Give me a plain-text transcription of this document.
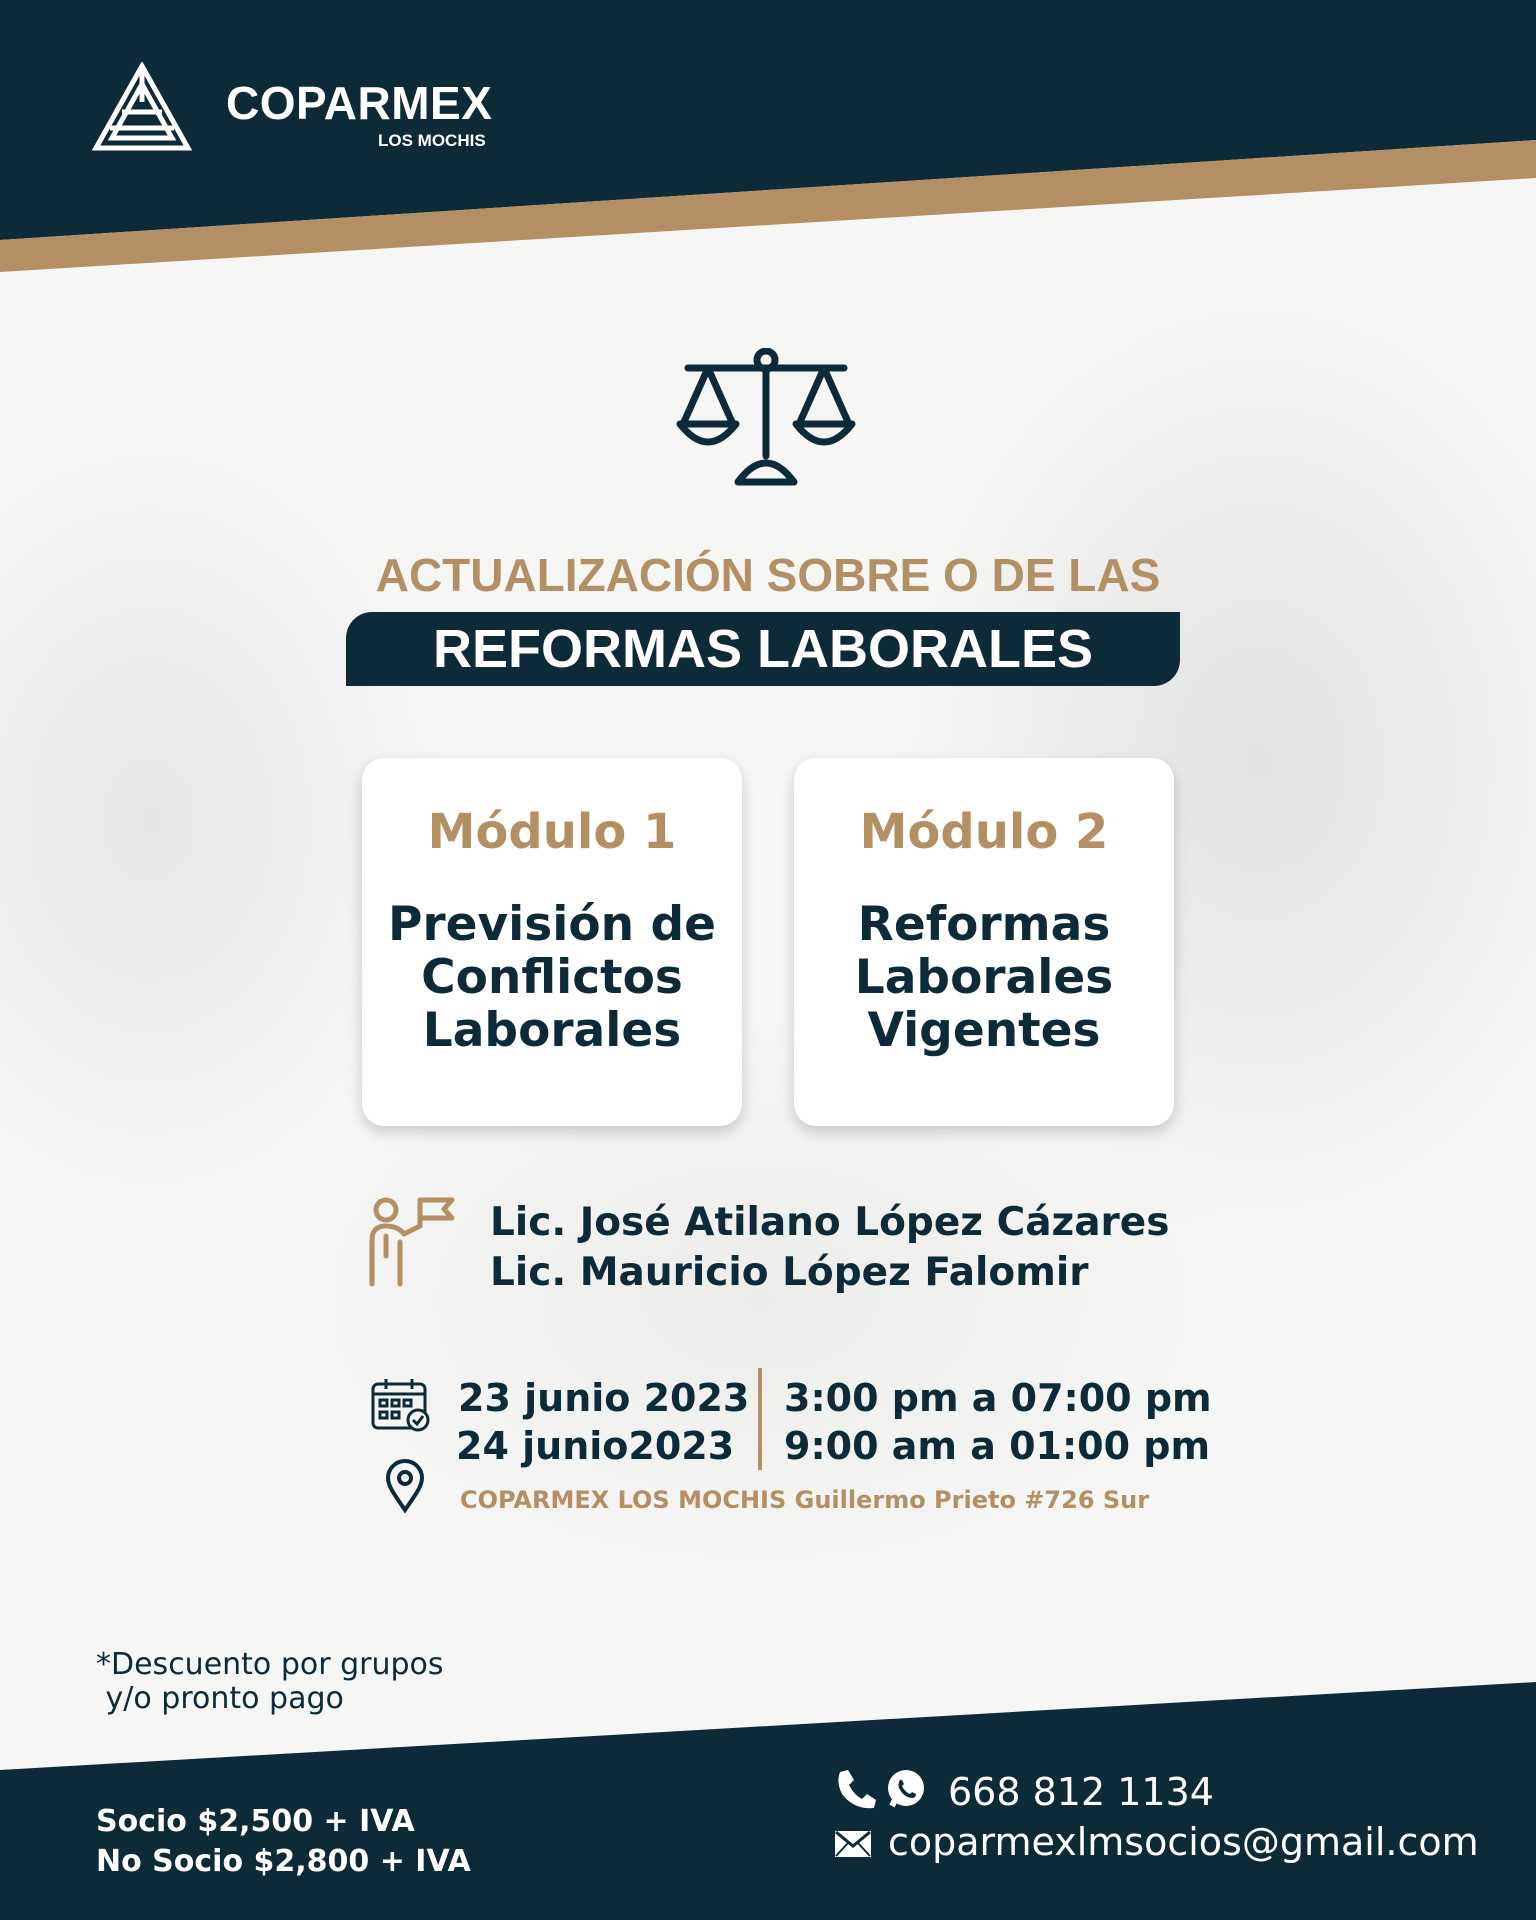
COPARMEX
LOS MOCHIS
ACTUALIZACIÓN SOBRE O DE LAS
REFORMAS LABORALES
Módulo 1
Previsión de
Conflictos
Laborales
Módulo 2
Reformas
Laborales
Vigentes
Lic. José Atilano López Cázares
Lic. Mauricio López Falomir
23 junio 2023
24 junio2023
3:00 pm a 07:00 pm
9:00 am a 01:00 pm
COPARMEX LOS MOCHIS Guillermo Prieto #726 Sur
*Descuento por grupos
y/o pronto pago
Socio $2,500 + IVA
No Socio $2,800 + IVA
668 812 1134
coparmexlmsocios@gmail.com
